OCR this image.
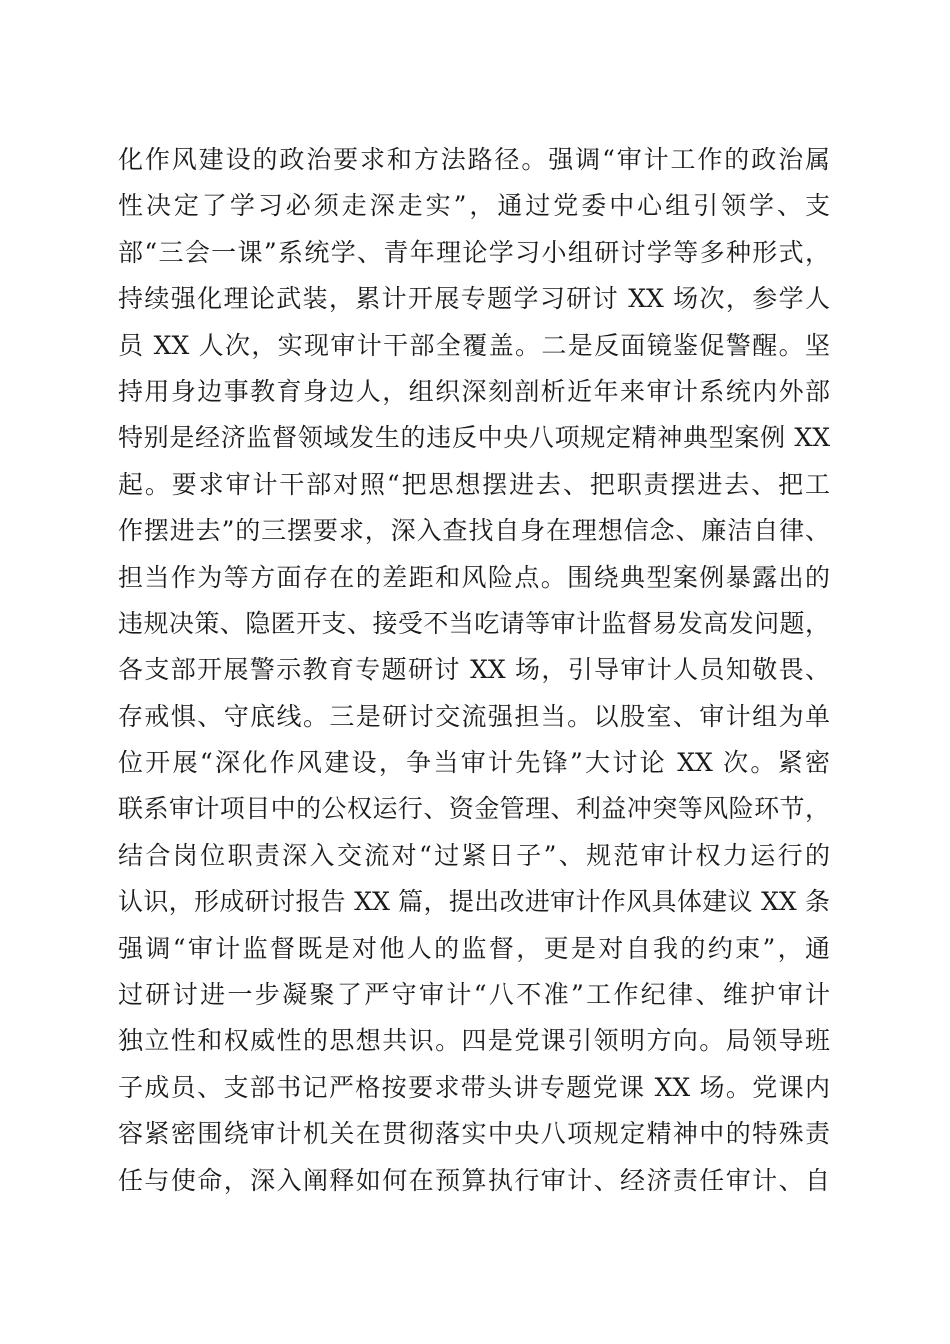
化作风建设的政治要求和方法路径。强调“审计工作的政治属
性决定了学习必须走深走实”，通过党委中心组引领学、支
部“三会一课”系统学、青年理论学习小组研讨学等多种形式，
持续强化理论武装，累计开展专题学习研讨 XX 场次，参学人
员 XX 人次，实现审计干部全覆盖。二是反面镜鉴促警醒。坚
持用身边事教育身边人，组织深刻剖析近年来审计系统内外部
特别是经济监督领域发生的违反中央八项规定精神典型案例 XX
起。要求审计干部对照“把思想摆进去、把职责摆进去、把工
作摆进去”的三摆要求，深入查找自身在理想信念、廉洁自律、
担当作为等方面存在的差距和风险点。围绕典型案例暴露出的
违规决策、隐匿开支、接受不当吃请等审计监督易发高发问题，
各支部开展警示教育专题研讨 XX 场，引导审计人员知敬畏、
存戒惧、守底线。三是研讨交流强担当。以股室、审计组为单
位开展“深化作风建设，争当审计先锋”大讨论 XX 次。紧密
联系审计项目中的公权运行、资金管理、利益冲突等风险环节，
结合岗位职责深入交流对“过紧日子”、规范审计权力运行的
认识，形成研讨报告 XX 篇，提出改进审计作风具体建议 XX 条
强调“审计监督既是对他人的监督，更是对自我的约束”，通
过研讨进一步凝聚了严守审计“八不准”工作纪律、维护审计
独立性和权威性的思想共识。四是党课引领明方向。局领导班
子成员、支部书记严格按要求带头讲专题党课 XX 场。党课内
容紧密围绕审计机关在贯彻落实中央八项规定精神中的特殊责
任与使命，深入阐释如何在预算执行审计、经济责任审计、自
